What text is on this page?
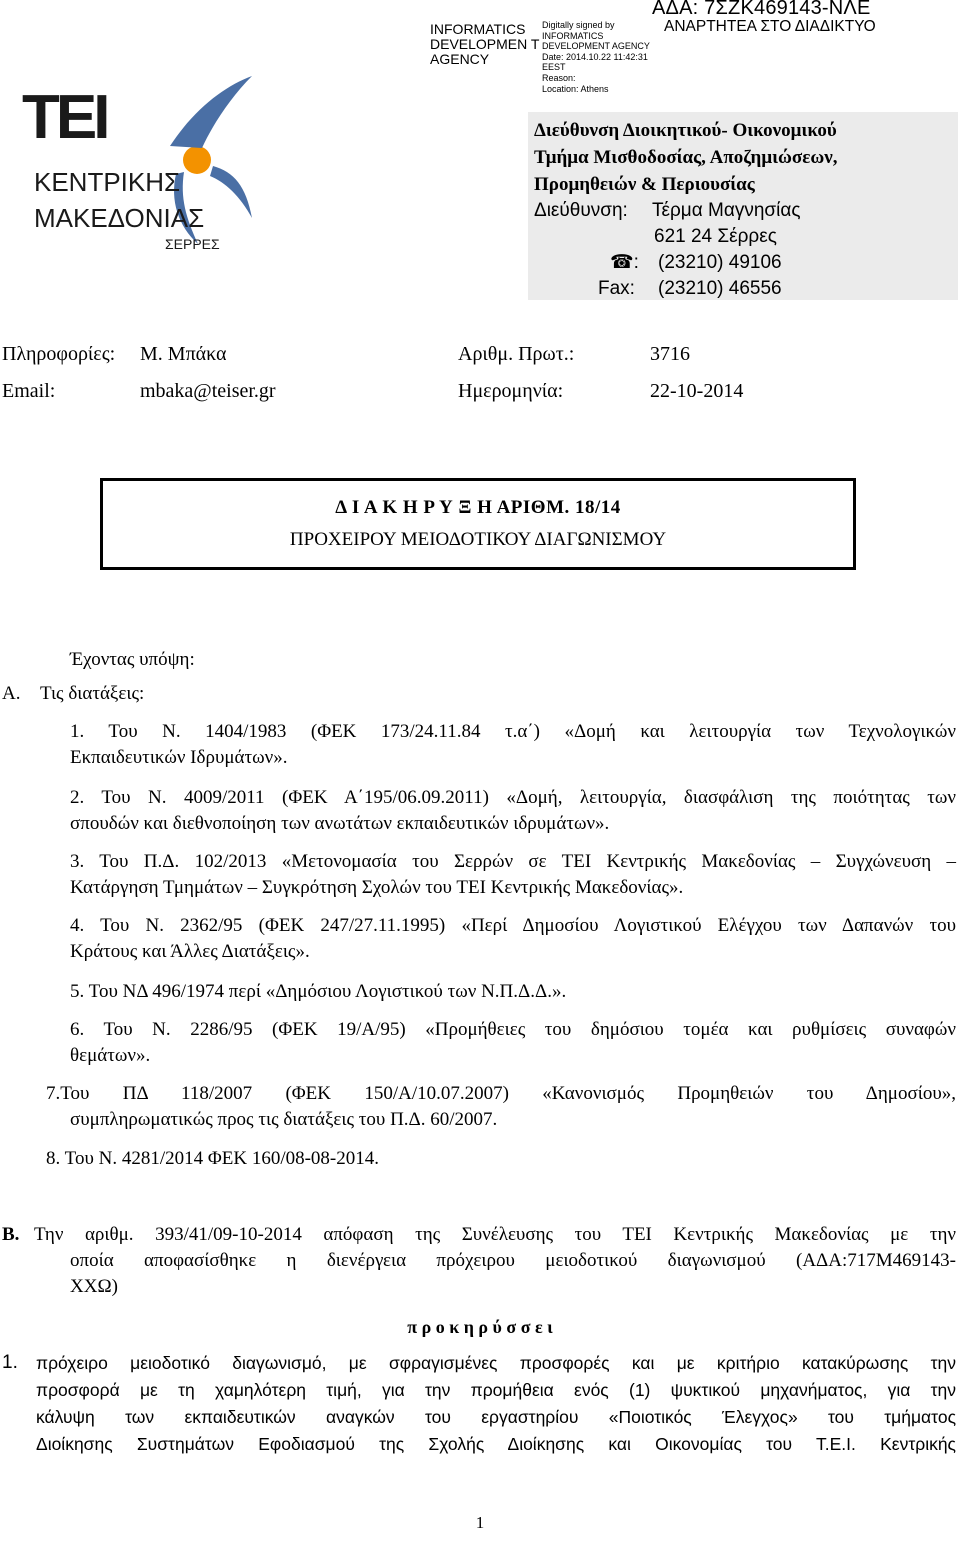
INFORMATICS DEVELOPMEN T AGENCY
Digitally signed by
INFORMATICS
DEVELOPMENT AGENCY
Date: 2014.10.22 11:42:31
EEST
Reason:
Location: Athens
ΑΔΑ: 7ΣΖΚ469143-ΝΛΕ
ΑΝΑΡΤΗΤΕΑ ΣΤΟ ΔΙΑΔΙΚΤΥΟ
ΤΕΙ
ΚΕΝΤΡΙΚΗΣ
ΜΑΚΕΔΟΝΙΑΣ
ΣΕΡΡΕΣ
Διεύθυνση Διοικητικού- Οικονομικού
Τμήμα Μισθοδοσίας, Αποζημιώσεων,
Προμηθειών & Περιουσίας
Διεύθυνση: Τέρμα Μαγνησίας
621 24 Σέρρες
☎: (23210) 49106
Fax: (23210) 46556
Πληροφορίες: Μ. Μπάκα	Αριθμ. Πρωτ.:	3716
Email:	mbaka@teiser.gr	Ημερομηνία:	22-10-2014
Δ Ι Α Κ Η Ρ Υ Ξ Η ΑΡΙΘΜ. 18/14
ΠΡΟΧΕΙΡΟΥ ΜΕΙΟΔΟΤΙΚΟΥ ΔΙΑΓΩΝΙΣΜΟΥ
Έχοντας υπόψη:
Α. Τις διατάξεις:
1. Του Ν. 1404/1983 (ΦΕΚ 173/24.11.84 τ.α΄) «Δομή και λειτουργία των Τεχνολογικών
Εκπαιδευτικών Ιδρυμάτων».
2. Του Ν. 4009/2011 (ΦΕΚ Α΄195/06.09.2011) «Δομή, λειτουργία, διασφάλιση της ποιότητας των
σπουδών και διεθνοποίηση των ανωτάτων εκπαιδευτικών ιδρυμάτων».
3. Του Π.Δ. 102/2013 «Μετονομασία του Σερρών σε ΤΕΙ Κεντρικής Μακεδονίας – Συγχώνευση –
Κατάργηση Τμημάτων – Συγκρότηση Σχολών του ΤΕΙ Κεντρικής Μακεδονίας».
4. Του Ν. 2362/95 (ΦΕΚ 247/27.11.1995) «Περί Δημοσίου Λογιστικού Ελέγχου των Δαπανών του
Κράτους και Άλλες Διατάξεις».
5. Του ΝΔ 496/1974 περί «Δημόσιου Λογιστικού των Ν.Π.Δ.Δ.».
6. Του Ν. 2286/95 (ΦΕΚ 19/Α/95) «Προμήθειες του δημόσιου τομέα και ρυθμίσεις συναφών
θεμάτων».
7.Του ΠΔ 118/2007 (ΦΕΚ 150/Α/10.07.2007) «Κανονισμός Προμηθειών του Δημοσίου»,
συμπληρωματικώς προς τις διατάξεις του Π.Δ. 60/2007.
8. Του Ν. 4281/2014 ΦΕΚ 160/08-08-2014.
Β. Την αριθμ. 393/41/09-10-2014 απόφαση της Συνέλευσης του ΤΕΙ Κεντρικής Μακεδονίας με την
οποία αποφασίσθηκε η διενέργεια πρόχειρου μειοδοτικού διαγωνισμού (ΑΔΑ:717Μ469143-
ΧΧΩ)
π ρ ο κ η ρ ύ σ σ ε ι
1. πρόχειρο μειοδοτικό διαγωνισμό, με σφραγισμένες προσφορές και με κριτήριο κατακύρωσης την
προσφορά με τη χαμηλότερη τιμή, για την προμήθεια ενός (1) ψυκτικού μηχανήματος, για την
κάλυψη των εκπαιδευτικών αναγκών του εργαστηρίου «Ποιοτικός Έλεγχος» του τμήματος
Διοίκησης Συστημάτων Εφοδιασμού της Σχολής Διοίκησης και Οικονομίας του Τ.Ε.Ι. Κεντρικής
1
